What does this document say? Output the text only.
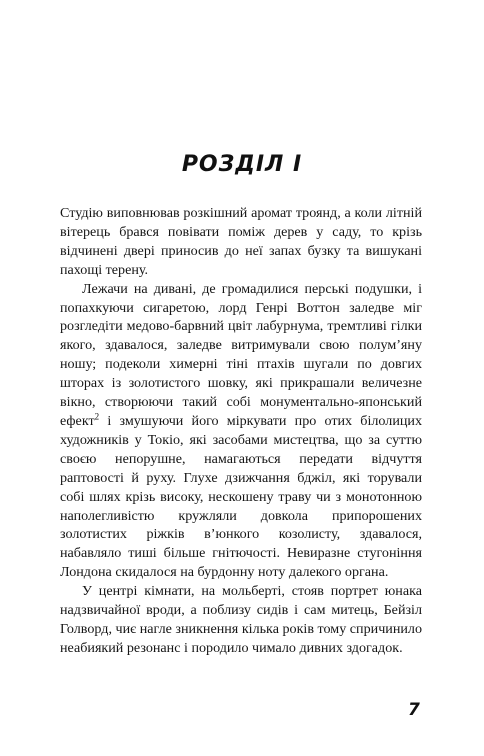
РОЗДІЛ I

Студію виповнював розкішний аромат троянд, а коли літній вітерець брався повівати поміж дерев у саду, то крізь відчинені двері приносив до неї запах бузку та вишукані пахощі терену.

Лежачи на дивані, де громадилися перські подушки, і попахкуючи сигаретою, лорд Генрі Воттон заледве міг розгледіти медово-барвний цвіт лабурнума, тремтливі гілки якого, здавалося, заледве витримували свою полум’яну ношу; подеколи химерні тіні птахів шугали по довгих шторах із золотистого шовку, які прикрашали величезне вікно, створюючи такий собі монументально-японський ефект$^2$ і змушуючи його міркувати про отих білолицих художників у Токіо, які засобами мистецтва, що за суттю своєю непорушне, намагаються передати відчуття раптовості й руху. Глухе дзижчання бджіл, які торували собі шлях крізь високу, нескошену траву чи з монотонною наполегливістю кружляли довкола припорошених золотистих ріжків в’юнкого козолисту, здавалося, набавляло тиші більше гнітючості. Невиразне стугоніння Лондона скидалося на бурдонну ноту далекого органа.

У центрі кімнати, на мольберті, стояв портрет юнака надзвичайної вроди, а поблизу сидів і сам митець, Бейзіл Голворд, чиє нагле зникнення кілька років тому спричинило неабиякий резонанс і породило чимало дивних здогадок.

7
